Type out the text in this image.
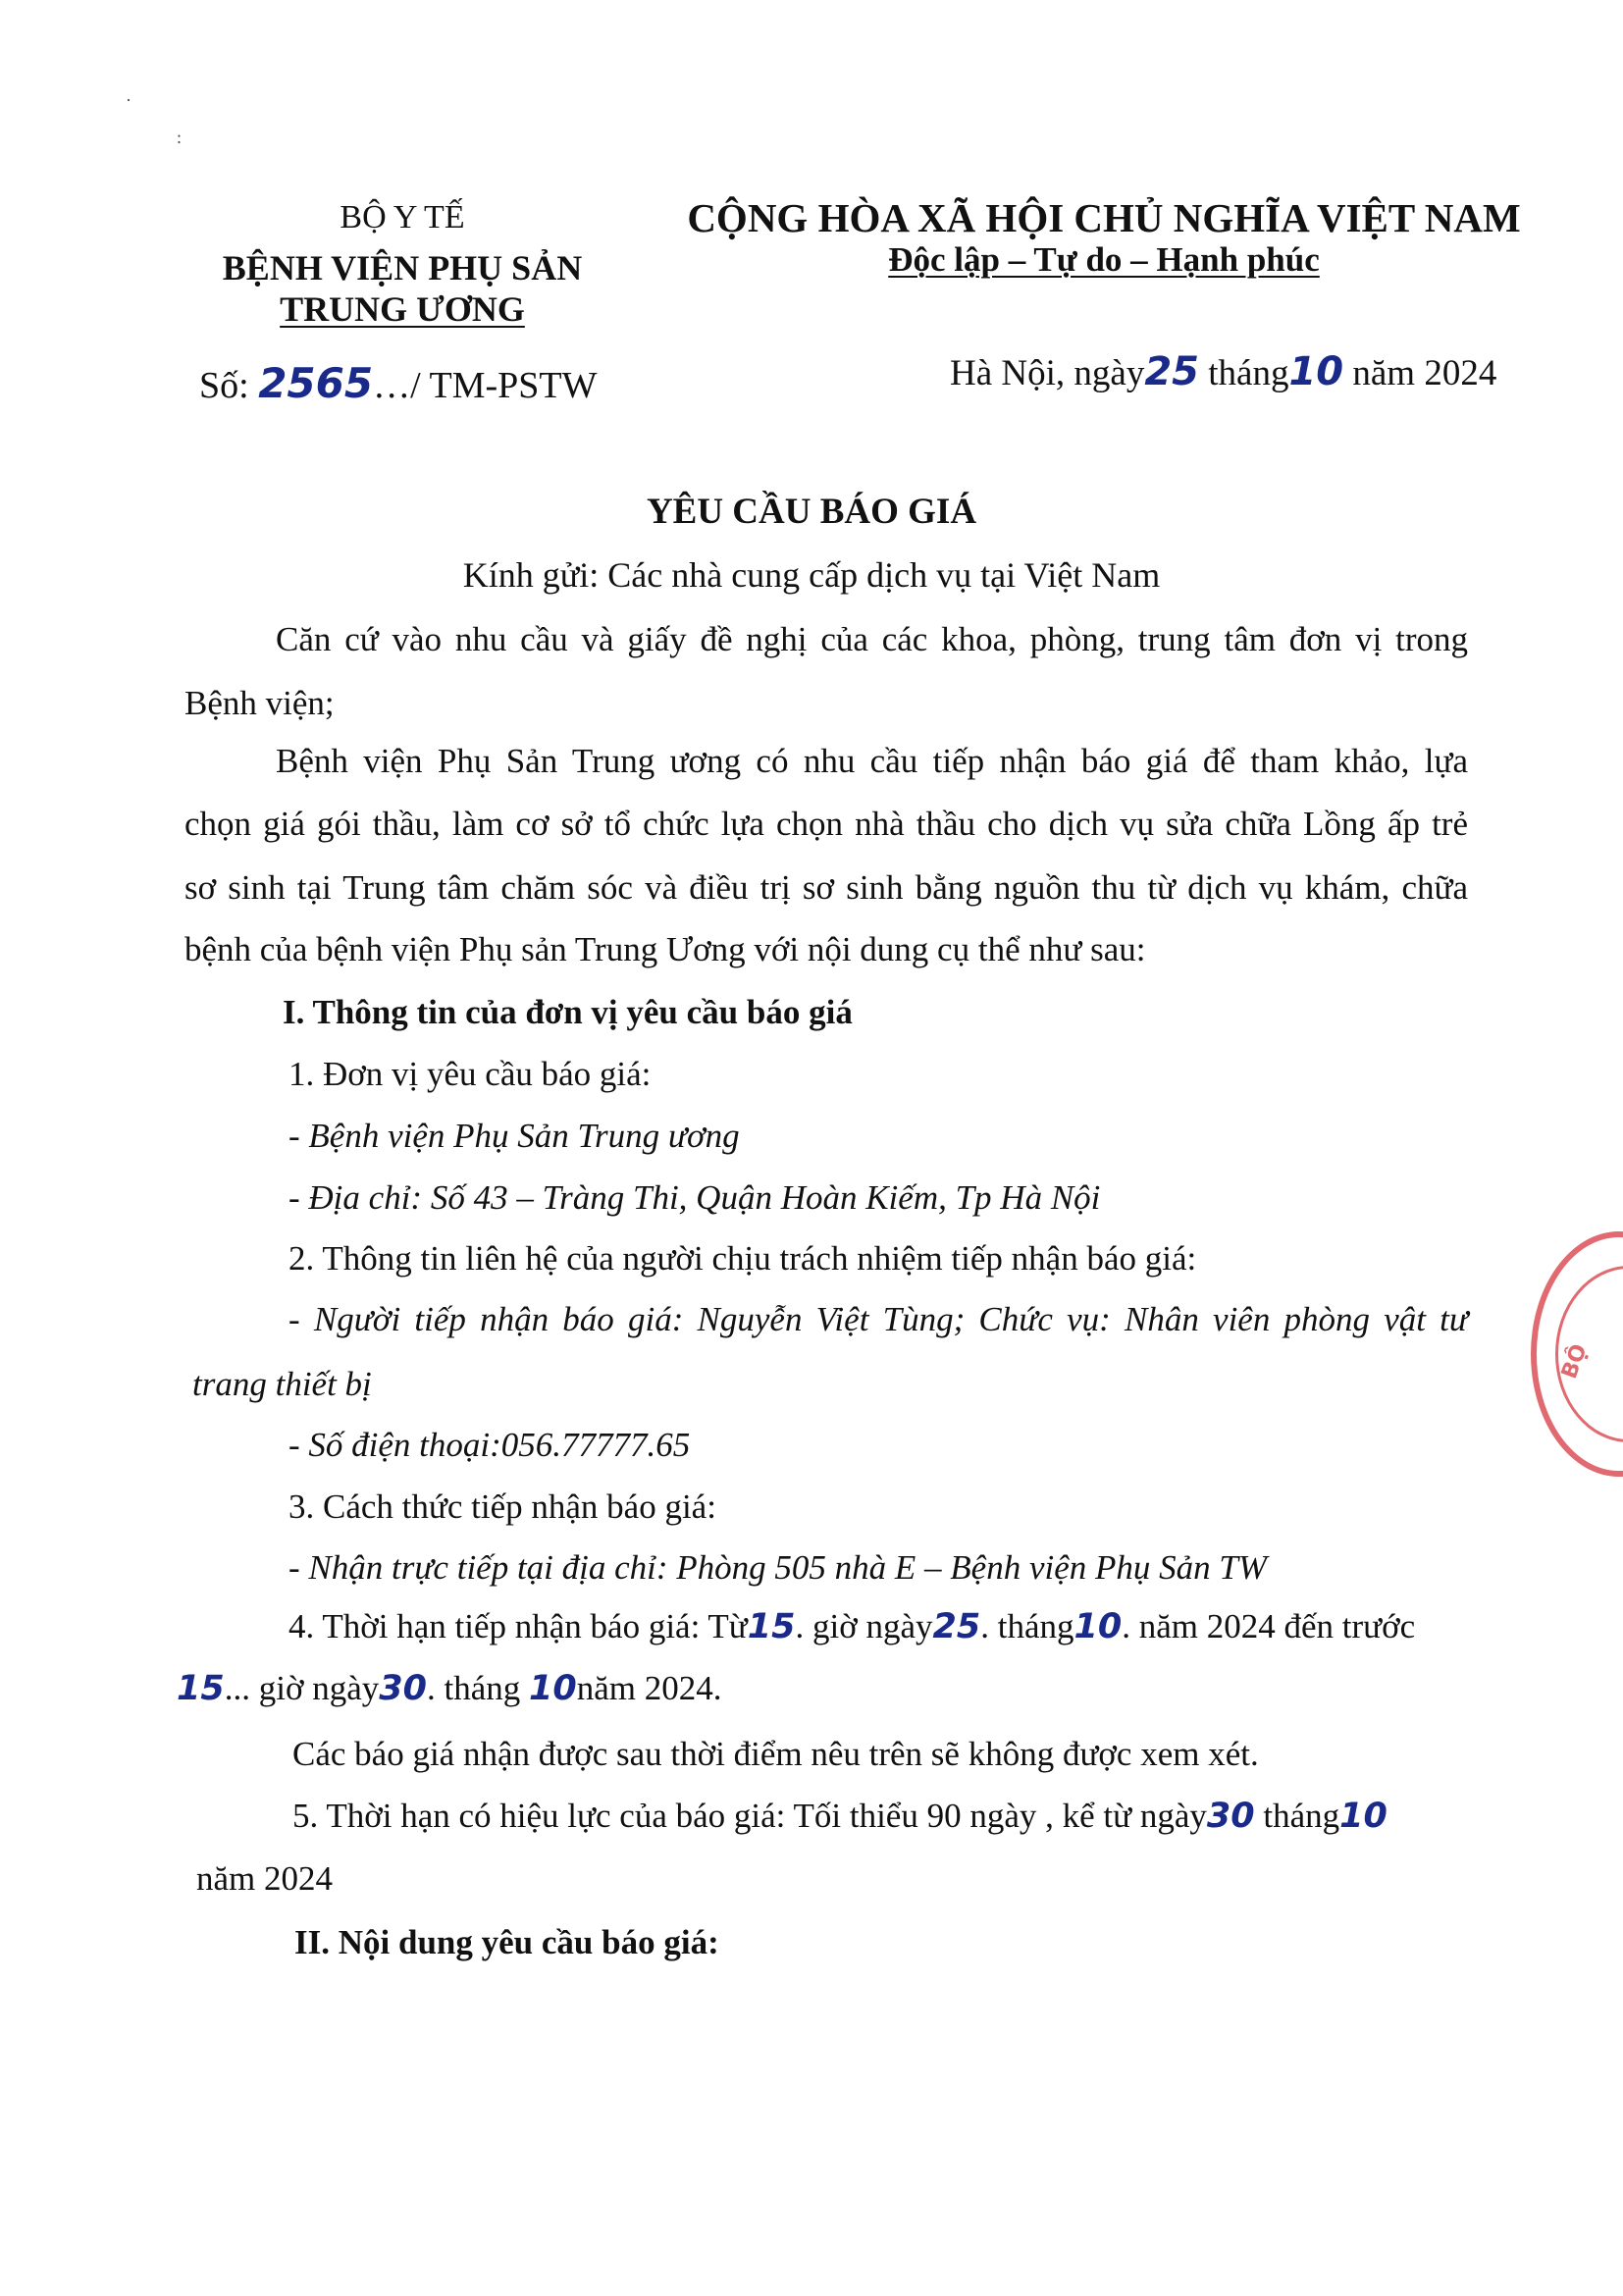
·
:
BỘ Y TẾ
BỆNH VIỆN PHỤ SẢN
TRUNG ƯƠNG
CỘNG HÒA XÃ HỘI CHỦ NGHĨA VIỆT NAM
Độc lập – Tự do – Hạnh phúc
Số: 2565…/ TM-PSTW	Hà Nội, ngày25 tháng10 năm 2024
YÊU CẦU BÁO GIÁ
Kính gửi: Các nhà cung cấp dịch vụ tại Việt Nam
Căn cứ vào nhu cầu và giấy đề nghị của các khoa, phòng, trung tâm đơn vị trong
Bệnh viện;
Bệnh viện Phụ Sản Trung ương có nhu cầu tiếp nhận báo giá để tham khảo, lựa
chọn giá gói thầu, làm cơ sở tổ chức lựa chọn nhà thầu cho dịch vụ sửa chữa Lồng ấp trẻ
sơ sinh tại Trung tâm chăm sóc và điều trị sơ sinh bằng nguồn thu từ dịch vụ khám, chữa
bệnh của bệnh viện Phụ sản Trung Ương với nội dung cụ thể như sau:
I. Thông tin của đơn vị yêu cầu báo giá
1. Đơn vị yêu cầu báo giá:
- Bệnh viện Phụ Sản Trung ương
- Địa chỉ: Số 43 – Tràng Thi, Quận Hoàn Kiếm, Tp Hà Nội
2. Thông tin liên hệ của người chịu trách nhiệm tiếp nhận báo giá:
- Người tiếp nhận báo giá: Nguyễn Việt Tùng; Chức vụ: Nhân viên phòng vật tư
trang thiết bị
- Số điện thoại:056.77777.65
3. Cách thức tiếp nhận báo giá:
- Nhận trực tiếp tại địa chỉ: Phòng 505 nhà E – Bệnh viện Phụ Sản TW
4. Thời hạn tiếp nhận báo giá: Từ15. giờ ngày25. tháng10. năm 2024 đến trước
15... giờ ngày30. tháng 10năm 2024.
Các báo giá nhận được sau thời điểm nêu trên sẽ không được xem xét.
5. Thời hạn có hiệu lực của báo giá: Tối thiểu 90 ngày , kể từ ngày30 tháng10
năm 2024
II. Nội dung yêu cầu báo giá:
BỘ
